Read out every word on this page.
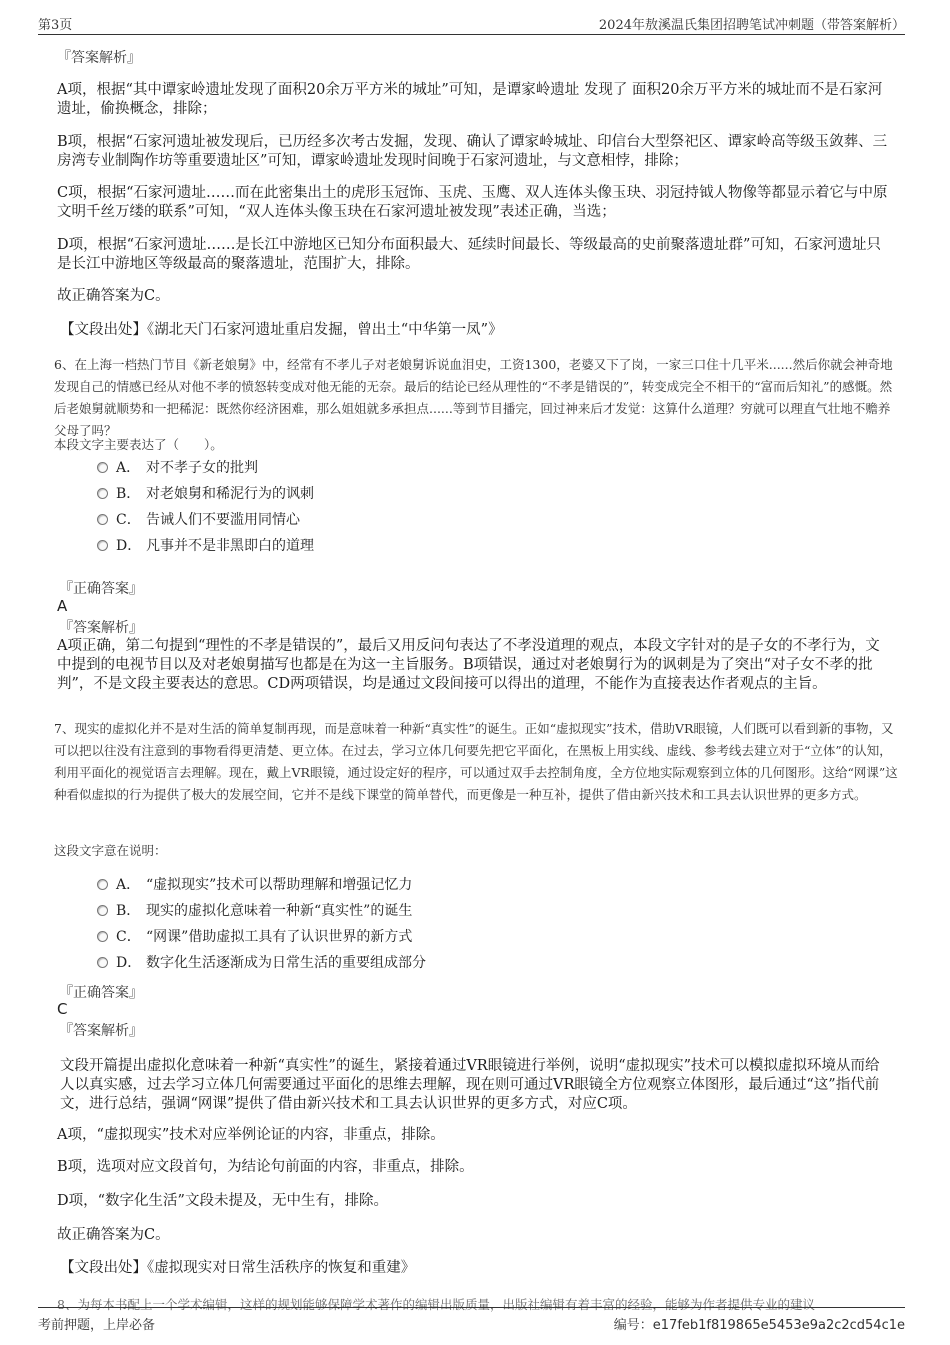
第3页	2024年敖溪温氏集团招聘笔试冲刺题（带答案解析）
『答案解析』
A项，根据“其中谭家岭遗址发现了面积20余万平方米的城址”可知，是谭家岭遗址 发现了 面积20余万平方米的城址而不是石家河遗址，偷换概念，排除；
B项，根据“石家河遗址被发现后，已历经多次考古发掘，发现、确认了谭家岭城址、印信台大型祭祀区、谭家岭高等级玉敛葬、三房湾专业制陶作坊等重要遗址区”可知，谭家岭遗址发现时间晚于石家河遗址，与文意相悖，排除；
C项，根据“石家河遗址……而在此密集出土的虎形玉冠饰、玉虎、玉鹰、双人连体头像玉玦、羽冠持钺人物像等都显示着它与中原文明千丝万缕的联系”可知，“双人连体头像玉玦在石家河遗址被发现”表述正确，当选；
D项，根据“石家河遗址……是长江中游地区已知分布面积最大、延续时间最长、等级最高的史前聚落遗址群”可知，石家河遗址只是长江中游地区等级最高的聚落遗址，范围扩大，排除。
故正确答案为C。
【文段出处】《湖北天门石家河遗址重启发掘，曾出土“中华第一凤”》
6、在上海一档热门节目《新老娘舅》中，经常有不孝儿子对老娘舅诉说血泪史，工资1300，老婆又下了岗，一家三口住十几平米......然后你就会神奇地发现自己的情感已经从对他不孝的愤怒转变成对他无能的无奈。最后的结论已经从理性的“不孝是错误的”，转变成完全不相干的“富而后知礼”的感慨。然后老娘舅就顺势和一把稀泥：既然你经济困难，那么姐姐就多承担点......等到节目播完，回过神来后才发觉：这算什么道理？穷就可以理直气壮地不赡养父母了吗？
本段文字主要表达了（　　）。
A． 对不孝子女的批判
B． 对老娘舅和稀泥行为的讽刺
C． 告诫人们不要滥用同情心
D． 凡事并不是非黑即白的道理
『正确答案』
A
『答案解析』
A项正确，第二句提到“理性的不孝是错误的”，最后又用反问句表达了不孝没道理的观点，本段文字针对的是子女的不孝行为，文中提到的电视节目以及对老娘舅描写也都是在为这一主旨服务。B项错误，通过对老娘舅行为的讽刺是为了突出“对子女不孝的批判”，不是文段主要表达的意思。CD两项错误，均是通过文段间接可以得出的道理，不能作为直接表达作者观点的主旨。
7、现实的虚拟化并不是对生活的简单复制再现，而是意味着一种新“真实性”的诞生。正如“虚拟现实”技术，借助VR眼镜，人们既可以看到新的事物，又可以把以往没有注意到的事物看得更清楚、更立体。在过去，学习立体几何要先把它平面化，在黑板上用实线、虚线、参考线去建立对于“立体”的认知，利用平面化的视觉语言去理解。现在，戴上VR眼镜，通过设定好的程序，可以通过双手去控制角度，全方位地实际观察到立体的几何图形。这给“网课”这种看似虚拟的行为提供了极大的发展空间，它并不是线下课堂的简单替代，而更像是一种互补，提供了借由新兴技术和工具去认识世界的更多方式。
这段文字意在说明：
A． “虚拟现实”技术可以帮助理解和增强记忆力
B． 现实的虚拟化意味着一种新“真实性”的诞生
C． “网课”借助虚拟工具有了认识世界的新方式
D． 数字化生活逐渐成为日常生活的重要组成部分
『正确答案』
C
『答案解析』
文段开篇提出虚拟化意味着一种新“真实性”的诞生，紧接着通过VR眼镜进行举例，说明“虚拟现实”技术可以模拟虚拟环境从而给人以真实感，过去学习立体几何需要通过平面化的思维去理解，现在则可通过VR眼镜全方位观察立体图形，最后通过“这”指代前文，进行总结，强调“网课”提供了借由新兴技术和工具去认识世界的更多方式，对应C项。
A项，“虚拟现实”技术对应举例论证的内容，非重点，排除。
B项，选项对应文段首句，为结论句前面的内容，非重点，排除。
D项，“数字化生活”文段未提及，无中生有，排除。
故正确答案为C。
【文段出处】《虚拟现实对日常生活秩序的恢复和重建》
8、为每本书配上一个学术编辑，这样的规划能够保障学术著作的编辑出版质量，出版社编辑有着丰富的经验，能够为作者提供专业的建议
考前押题，上岸必备	编号：e17feb1f819865e5453e9a2c2cd54c1e
